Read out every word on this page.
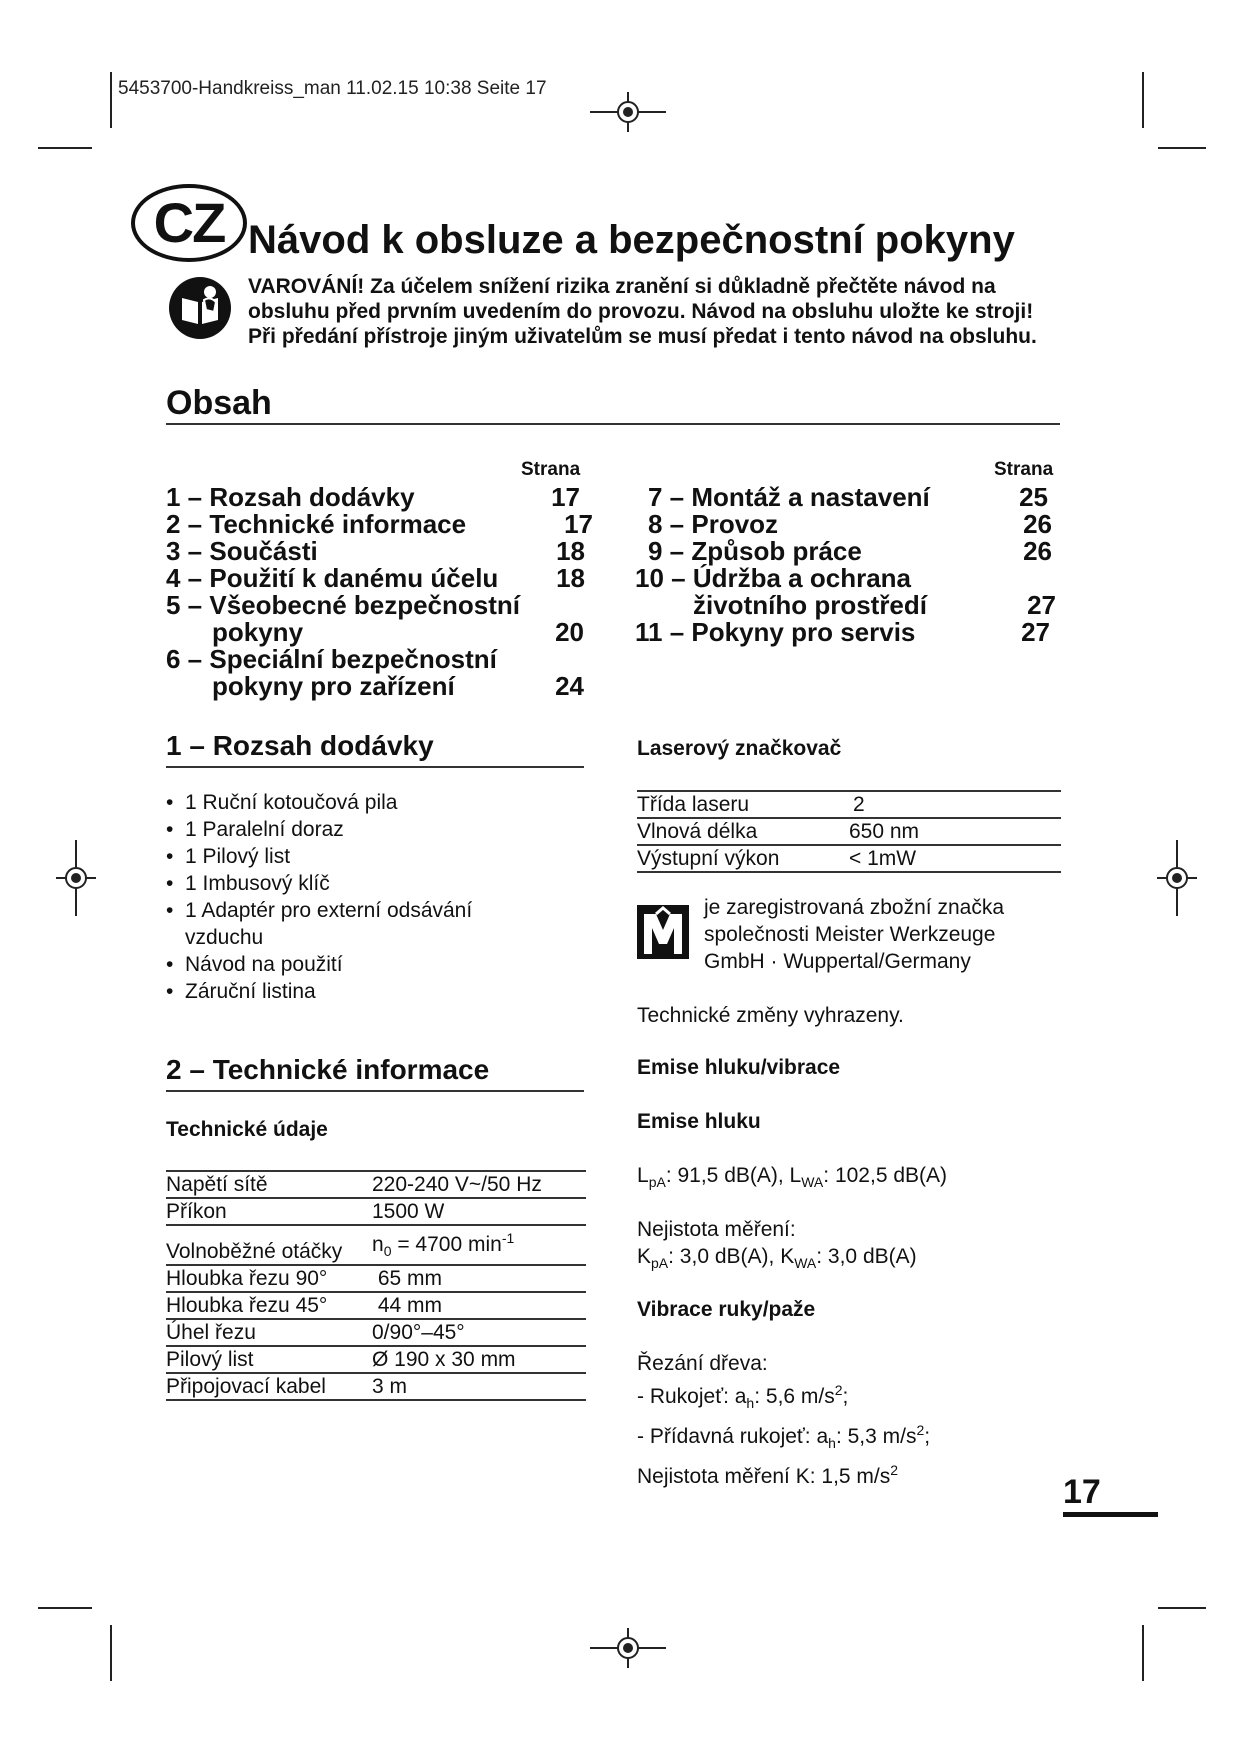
5453700-Handkreiss_man 11.02.15 10:38 Seite 17
CZ Návod k obsluze a bezpečnostní pokyny
VAROVÁNÍ! Za účelem snížení rizika zranění si důkladně přečtěte návod na
obsluhu před prvním uvedením do provozu. Návod na obsluhu uložte ke stroji!
Při předání přístroje jiným uživatelům se musí předat i tento návod na obsluhu.
Obsah
Strana	Strana
1 – Rozsah dodávky	17
2 – Technické informace	17
3 – Součásti	18
4 – Použití k danému účelu	18
5 – Všeobecné bezpečnostní
pokyny	20
6 – Speciální bezpečnostní
pokyny pro zařízení	24
7 – Montáž a nastavení	25
8 – Provoz	26
9 – Způsob práce	26
10 – Údržba a ochrana
životního prostředí	27
11 – Pokyny pro servis	27
1 – Rozsah dodávky
• 1 Ruční kotoučová pila
• 1 Paralelní doraz
• 1 Pilový list
• 1 Imbusový klíč
• 1 Adaptér pro externí odsávání
vzduchu
• Návod na použití
• Záruční listina
2 – Technické informace
Technické údaje
Napětí sítě	220-240 V~/50 Hz
Příkon	1500 W
Volnoběžné otáčky	$n_0 = 4700$ $\min^{-1}$
Hloubka řezu 90°	65 mm
Hloubka řezu 45°	44 mm
Úhel řezu	0/90°–45°
Pilový list	Ø 190 x 30 mm
Připojovací kabel	3 m
Laserový značkovač
Třída laseru	2
Vlnová délka	650 nm
Výstupní výkon	< 1mW
je zaregistrovaná zbožní značka
společnosti Meister Werkzeuge
GmbH · Wuppertal/Germany
Technické změny vyhrazeny.
Emise hluku/vibrace
Emise hluku
$L_{pA}$: 91,5 dB(A), $L_{WA}$: 102,5 dB(A)
Nejistota měření:
$K_{pA}$: 3,0 dB(A), $K_{WA}$: 3,0 dB(A)
Vibrace ruky/paže
Řezání dřeva:
- Rukojeť: $a_h$: 5,6 $m/s^2$;
- Přídavná rukojeť: $a_h$: 5,3 $m/s^2$;
Nejistota měření K: 1,5 $m/s^2$
17
